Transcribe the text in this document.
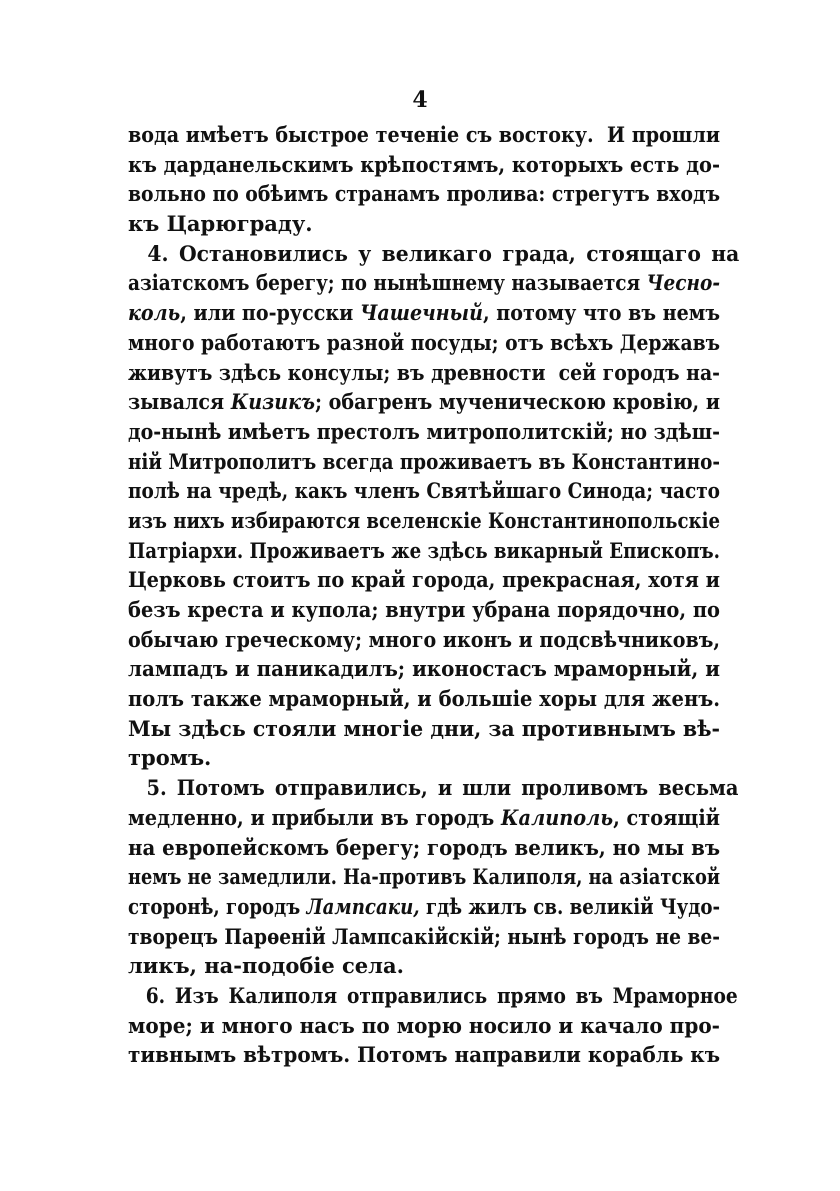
4
вода имѣетъ быстрое теченіе съ востоку.  И прошли
къ дарданельскимъ крѣпостямъ, которыхъ есть до-
вольно по обѣимъ странамъ пролива: стрегутъ входъ
къ Царюграду.
4. Остановились у великаго града, стоящаго на
азіатскомъ берегу; по нынѣшнему называется Чесно-
коль, или по-русски Чашечный, потому что въ немъ
много работаютъ разной посуды; отъ всѣхъ Державъ
живутъ здѣсь консулы; въ древности  сей городъ на-
зывался Кизикъ; обагренъ мученическою кровію, и
до-нынѣ имѣетъ престолъ митрополитскій; но здѣш-
ній Митрополитъ всегда проживаетъ въ Константино-
полѣ на чредѣ, какъ членъ Святѣйшаго Синода; часто
изъ нихъ избираются вселенскіе Константинопольскіе
Патріархи. Проживаетъ же здѣсь викарный Епископъ.
Церковь стоитъ по край города, прекрасная, хотя и
безъ креста и купола; внутри убрана порядочно, по
обычаю греческому; много иконъ и подсвѣчниковъ,
лампадъ и паникадилъ; иконостасъ мраморный, и
полъ также мраморный, и большіе хоры для женъ.
Мы здѣсь стояли многіе дни, за противнымъ вѣ-
тромъ.
5. Потомъ отправились, и шли проливомъ весьма
медленно, и прибыли въ городъ Калиполь, стоящій
на европейскомъ берегу; городъ великъ, но мы въ
немъ не замедлили. На-противъ Калиполя, на азіатской
сторонѣ, городъ Лампсаки, гдѣ жилъ св. великій Чудо-
творецъ Парѳеній Лампсакійскій; нынѣ городъ не ве-
ликъ, на-подобіе села.
6. Изъ Калиполя отправились прямо въ Мраморное
море; и много насъ по морю носило и качало про-
тивнымъ вѣтромъ. Потомъ направили корабль къ
